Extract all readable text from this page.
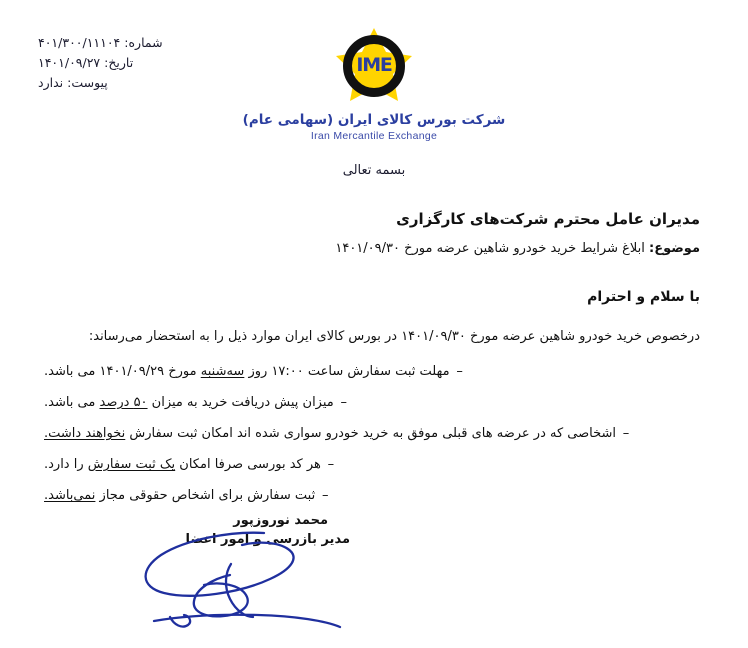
شماره: ۴۰۱/۳۰۰/۱۱۱۰۴
تاریخ: ۱۴۰۱/۰۹/۲۷
پیوست: ندارد
IME
شرکت بورس کالای ایران (سهامی عام)
Iran Mercantile Exchange
بسمه تعالی
مدیران عامل محترم شرکت‌های کارگزاری
موضوع: ابلاغ شرایط خرید خودرو شاهین عرضه مورخ ۱۴۰۱/۰۹/۳۰
با سلام و احترام
درخصوص خرید خودرو شاهین عرضه مورخ ۱۴۰۱/۰۹/۳۰ در بورس کالای ایران موارد ذیل را به استحضار می‌رساند:
–
مهلت ثبت سفارش ساعت ۱۷:۰۰ روز سه‌شنبه مورخ ۱۴۰۱/۰۹/۲۹ می باشد.
–
میزان پیش دریافت خرید به میزان ۵۰ درصد می باشد.
–
اشخاصی که در عرضه های قبلی موفق به خرید خودرو سواری شده اند امکان ثبت سفارش نخواهند داشت.
–
هر کد بورسی صرفا امکان یک ثبت سفارش را دارد.
–
ثبت سفارش برای اشخاص حقوقی مجاز نمی‌باشد.
محمد نوروزپور
مدیر بازرسی و امور اعضا
